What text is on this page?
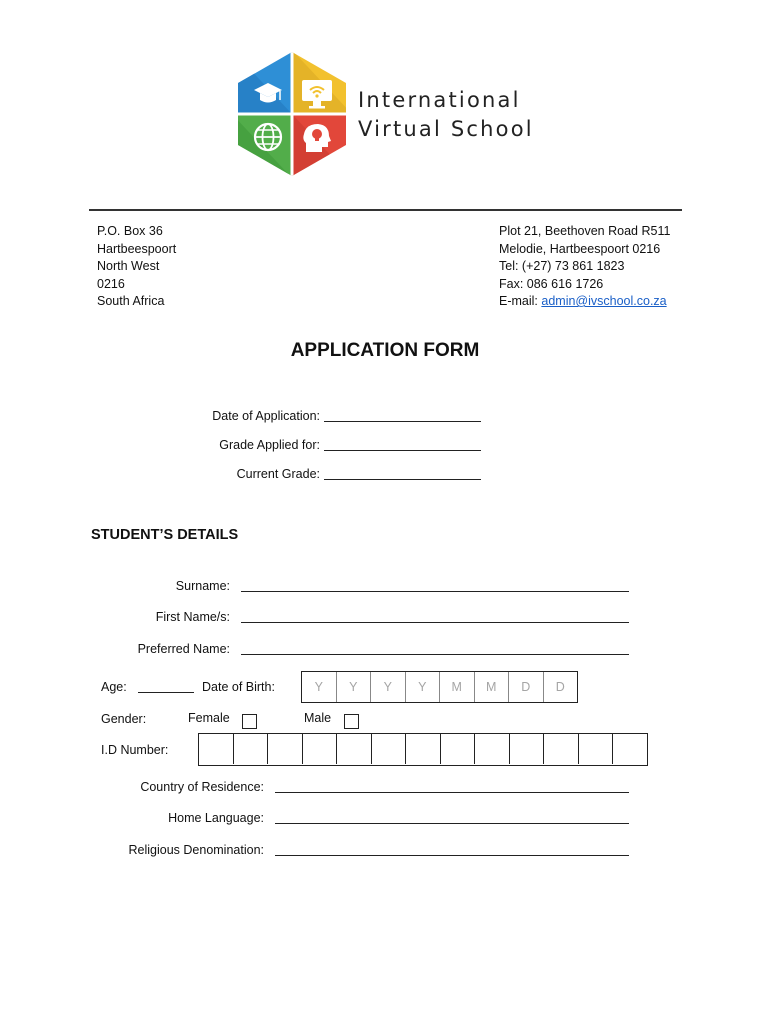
International
Virtual School
P.O. Box 36
Hartbeespoort
North West
0216
South Africa
Plot 21, Beethoven Road R511
Melodie, Hartbeespoort 0216
Tel: (+27) 73 861 1823
Fax: 086 616 1726
E-mail: admin@ivschool.co.za
APPLICATION FORM
Date of Application:
Grade Applied for:
Current Grade:
STUDENT’S DETAILS
Surname:
First Name/s:
Preferred Name:
Age:	Date of Birth:	Y	Y	Y	Y	M	M	D	D
Gender:	Female	Male
I.D Number:
Country of Residence:
Home Language:
Religious Denomination:
